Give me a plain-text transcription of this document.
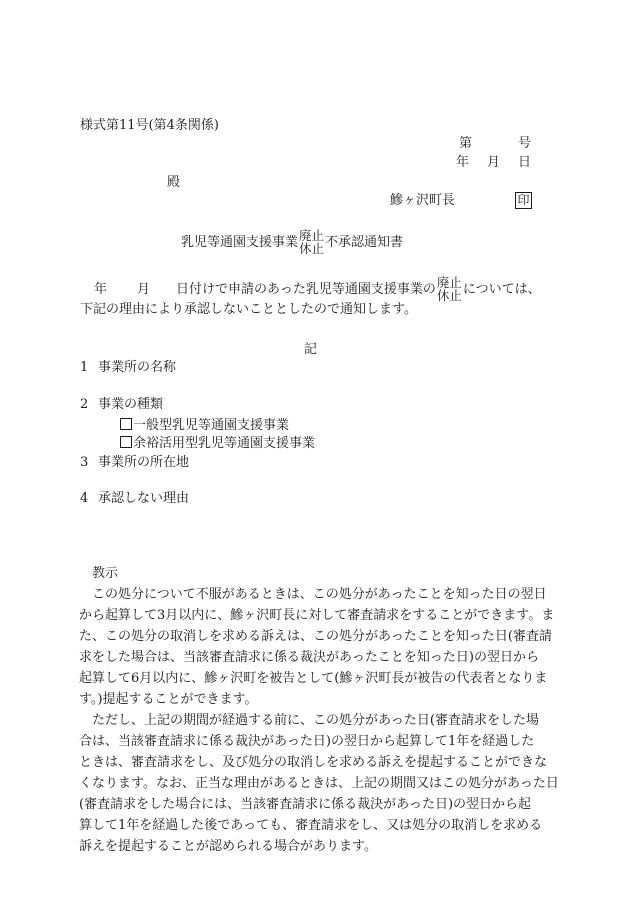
様式第11号(第4条関係)
第	号
年 月 日
殿
鰺ヶ沢町長	印
乳児等通園支援事業 廃止
休止 不承認通知書
年 月 日付けで申請のあった乳児等通園支援事業の 廃止
休止 については、
下記の理由により承認しないこととしたので通知します。
記
1 事業所の名称
2 事業の種類
一般型乳児等通園支援事業
余裕活用型乳児等通園支援事業
3 事業所の所在地
4 承認しない理由

教示

　この処分について不服があるときは、この処分があったことを知った日の翌日

から起算して3月以内に、鰺ヶ沢町長に対して審査請求をすることができます。ま

た、この処分の取消しを求める訴えは、この処分があったことを知った日(審査請

求をした場合は、当該審査請求に係る裁決があったことを知った日)の翌日から

起算して6月以内に、鰺ヶ沢町を被告として(鰺ヶ沢町長が被告の代表者となりま

す。)提起することができます。

　ただし、上記の期間が経過する前に、この処分があった日(審査請求をした場

合は、当該審査請求に係る裁決があった日)の翌日から起算して1年を経過した

ときは、審査請求をし、及び処分の取消しを求める訴えを提起することができな

くなります。なお、正当な理由があるときは、上記の期間又はこの処分があった日

(審査請求をした場合には、当該審査請求に係る裁決があった日)の翌日から起

算して1年を経過した後であっても、審査請求をし、又は処分の取消しを求める

訴えを提起することが認められる場合があります。
